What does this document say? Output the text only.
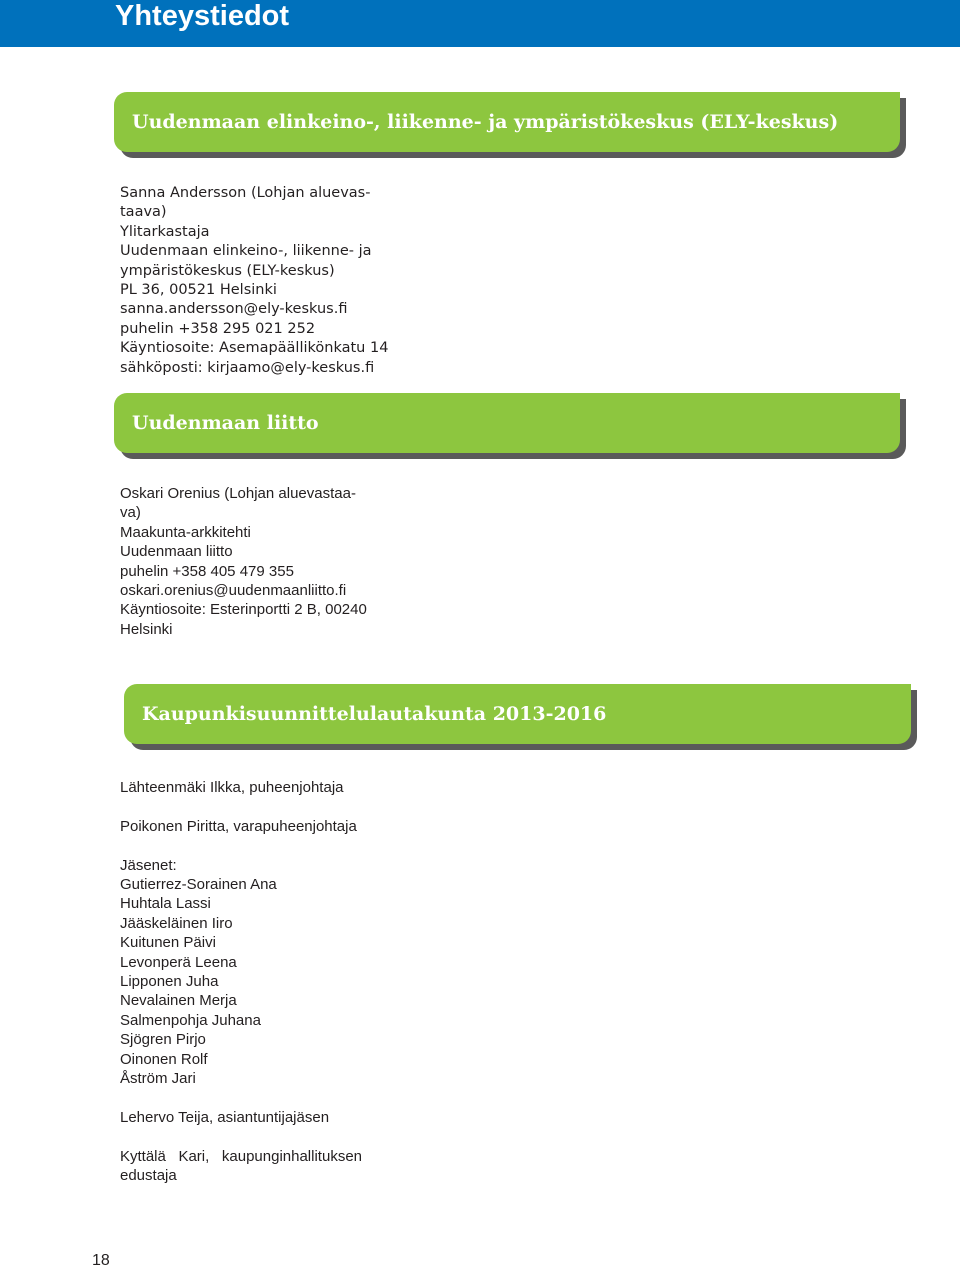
Yhteystiedot
Uudenmaan elinkeino-, liikenne- ja ympäristökeskus (ELY-keskus)
Sanna Andersson (Lohjan aluevas-
taava)
Ylitarkastaja
Uudenmaan elinkeino-, liikenne- ja
ympäristökeskus (ELY-keskus)
PL 36, 00521 Helsinki
sanna.andersson@ely-keskus.fi
puhelin +358 295 021 252
Käyntiosoite: Asemapäällikönkatu 14
sähköposti: kirjaamo@ely-keskus.fi
Uudenmaan liitto
Oskari Orenius (Lohjan aluevastaa-
va)
Maakunta-arkkitehti
Uudenmaan liitto
puhelin +358 405 479 355
oskari.orenius@uudenmaanliitto.fi
Käyntiosoite: Esterinportti 2 B, 00240
Helsinki
Kaupunkisuunnittelulautakunta 2013-2016
Lähteenmäki Ilkka, puheenjohtaja
Poikonen Piritta, varapuheenjohtaja
Jäsenet:
Gutierrez-Sorainen Ana
Huhtala Lassi
Jääskeläinen Iiro
Kuitunen Päivi
Levonperä Leena
Lipponen Juha
Nevalainen Merja
Salmenpohja Juhana
Sjögren Pirjo
Oinonen Rolf
Åström Jari
Lehervo Teija, asiantuntijajäsen
Kyttälä Kari, kaupunginhallituksen edustaja
18
